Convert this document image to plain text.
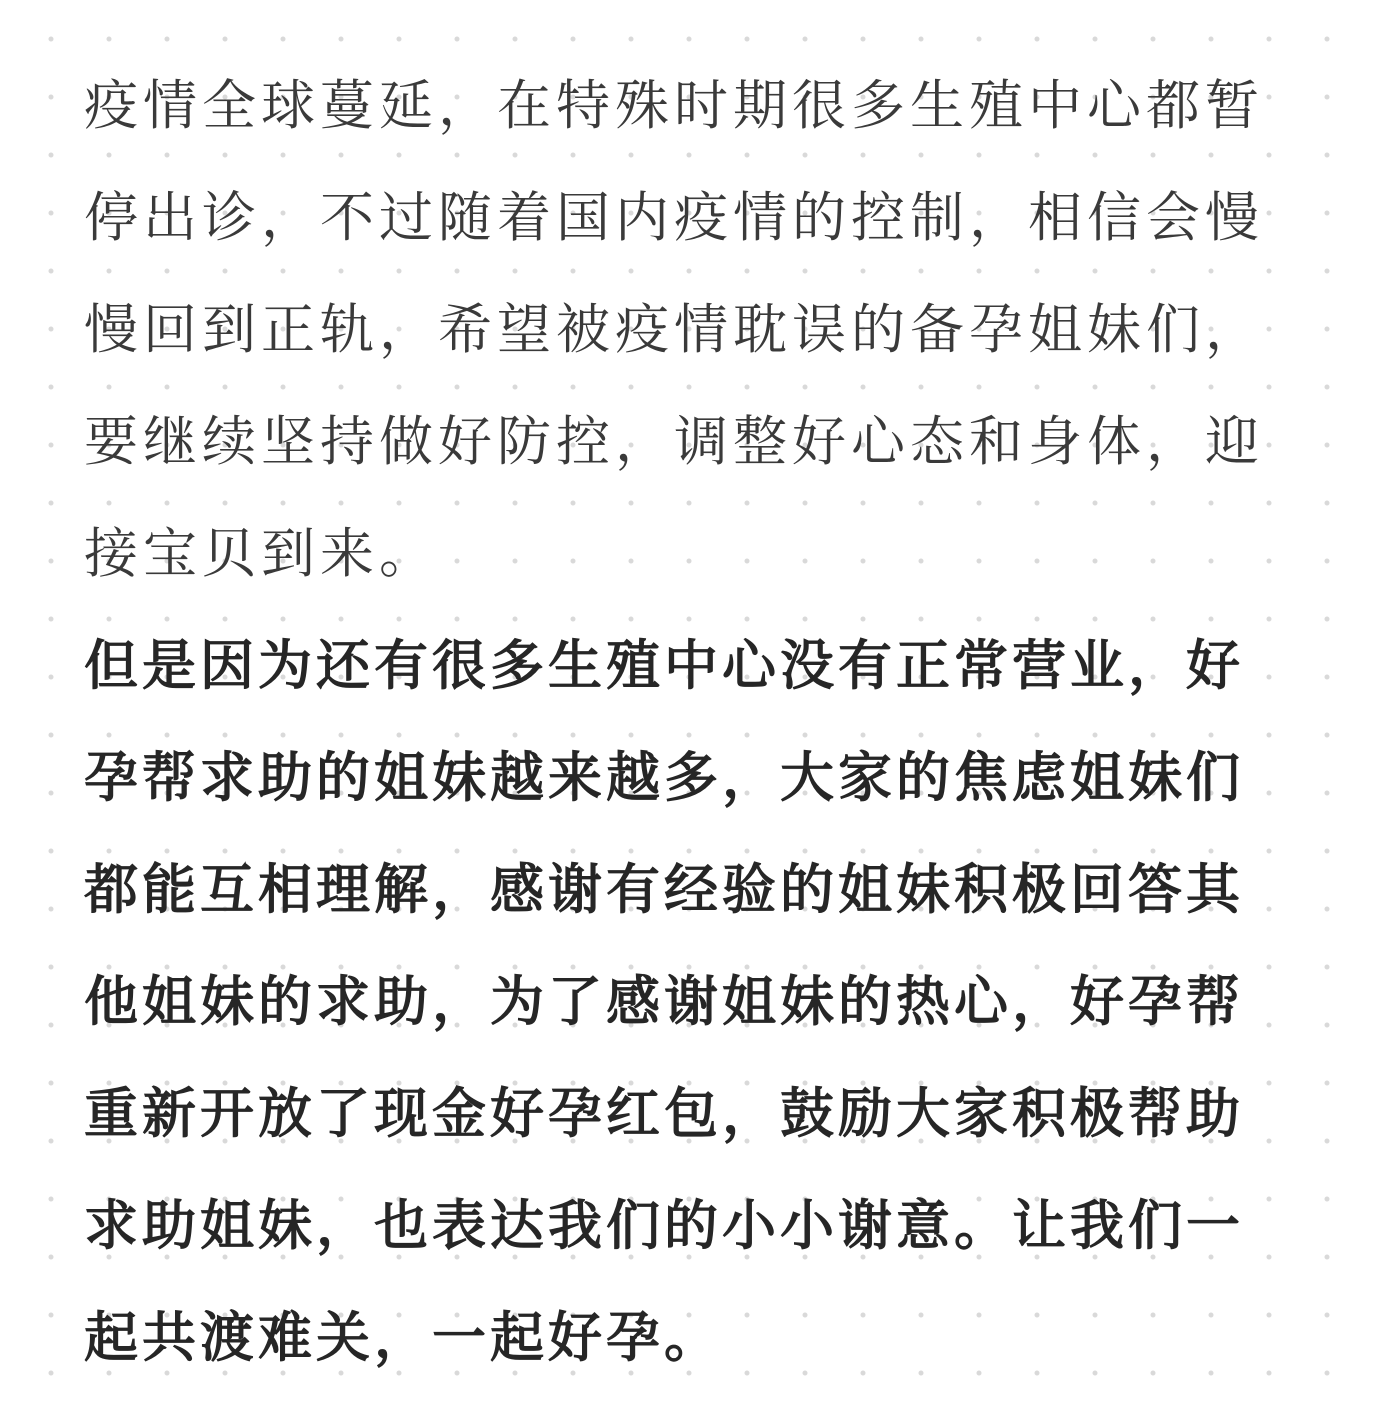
疫情全球蔓延，在特殊时期很多生殖中心都暂
停出诊，不过随着国内疫情的控制，相信会慢
慢回到正轨，希望被疫情耽误的备孕姐妹们，
要继续坚持做好防控，调整好心态和身体，迎
接宝贝到来。
但是因为还有很多生殖中心没有正常营业，好
孕帮求助的姐妹越来越多，大家的焦虑姐妹们
都能互相理解，感谢有经验的姐妹积极回答其
他姐妹的求助，为了感谢姐妹的热心，好孕帮
重新开放了现金好孕红包，鼓励大家积极帮助
求助姐妹，也表达我们的小小谢意。让我们一
起共渡难关，一起好孕。
